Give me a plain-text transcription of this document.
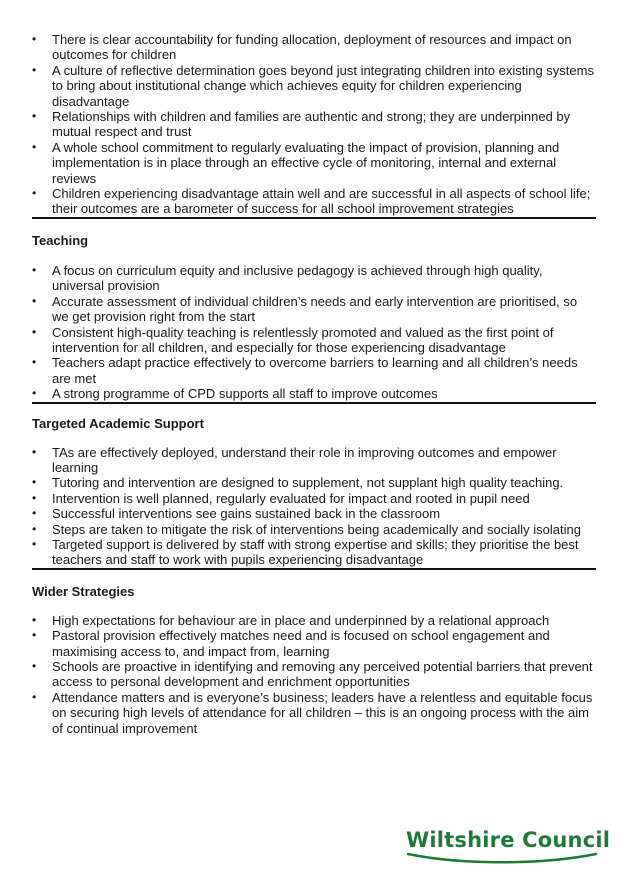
• There is clear accountability for funding allocation, deployment of resources and impact on outcomes for children
• A culture of reflective determination goes beyond just integrating children into existing systems to bring about institutional change which achieves equity for children experiencing disadvantage
• Relationships with children and families are authentic and strong; they are underpinned by mutual respect and trust
• A whole school commitment to regularly evaluating the impact of provision, planning and implementation is in place through an effective cycle of monitoring, internal and external reviews
• Children experiencing disadvantage attain well and are successful in all aspects of school life; their outcomes are a barometer of success for all school improvement strategies
Teaching
• A focus on curriculum equity and inclusive pedagogy is achieved through high quality, universal provision
• Accurate assessment of individual children’s needs and early intervention are prioritised, so we get provision right from the start
• Consistent high-quality teaching is relentlessly promoted and valued as the first point of intervention for all children, and especially for those experiencing disadvantage
• Teachers adapt practice effectively to overcome barriers to learning and all children’s needs are met
• A strong programme of CPD supports all staff to improve outcomes
Targeted Academic Support
• TAs are effectively deployed, understand their role in improving outcomes and empower learning
• Tutoring and intervention are designed to supplement, not supplant high quality teaching.
• Intervention is well planned, regularly evaluated for impact and rooted in pupil need
• Successful interventions see gains sustained back in the classroom
• Steps are taken to mitigate the risk of interventions being academically and socially isolating
• Targeted support is delivered by staff with strong expertise and skills; they prioritise the best teachers and staff to work with pupils experiencing disadvantage
Wider Strategies
• High expectations for behaviour are in place and underpinned by a relational approach
• Pastoral provision effectively matches need and is focused on school engagement and maximising access to, and impact from, learning
• Schools are proactive in identifying and removing any perceived potential barriers that prevent access to personal development and enrichment opportunities
• Attendance matters and is everyone’s business; leaders have a relentless and equitable focus on securing high levels of attendance for all children – this is an ongoing process with the aim of continual improvement
Wiltshire Council
